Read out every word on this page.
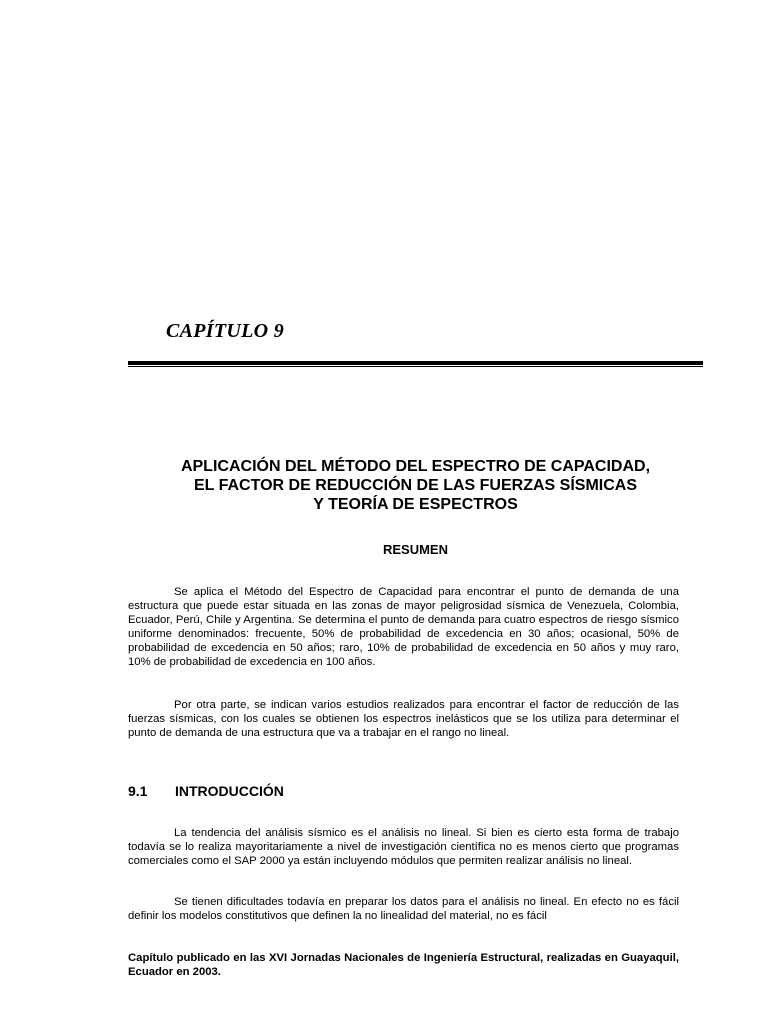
CAPÍTULO 9
APLICACIÓN DEL MÉTODO DEL ESPECTRO DE CAPACIDAD,
EL FACTOR DE REDUCCIÓN DE LAS FUERZAS SÍSMICAS
Y TEORÍA DE ESPECTROS
RESUMEN
Se aplica el Método del Espectro de Capacidad para encontrar el punto de demanda de una estructura que puede estar situada en las zonas de mayor peligrosidad sísmica de Venezuela, Colombia, Ecuador, Perú, Chile y Argentina. Se determina el punto de demanda para cuatro espectros de riesgo sísmico uniforme denominados: frecuente, 50% de probabilidad de excedencia en 30 años; ocasional, 50% de probabilidad de excedencia en 50 años; raro, 10% de probabilidad de excedencia en 50 años y muy raro, 10% de probabilidad de excedencia en 100 años.
Por otra parte, se indican varios estudios realizados para encontrar el factor de reducción de las fuerzas sísmicas, con los cuales se obtienen los espectros inelásticos que se los utiliza para determinar el punto de demanda de una estructura que va a trabajar en el rango no lineal.
9.1 INTRODUCCIÓN
La tendencia del análisis sísmico es el análisis no lineal. Si bien es cierto esta forma de trabajo todavía se lo realiza mayoritariamente a nivel de investigación científica no es menos cierto que programas comerciales como el SAP 2000 ya están incluyendo módulos que permiten realizar análisis no lineal.
Se tienen dificultades todavía en preparar los datos para el análisis no lineal. En efecto no es fácil definir los modelos constitutivos que definen la no linealidad del material, no es fácil
Capítulo publicado en las XVI Jornadas Nacionales de Ingeniería Estructural, realizadas en Guayaquil, Ecuador en 2003.
